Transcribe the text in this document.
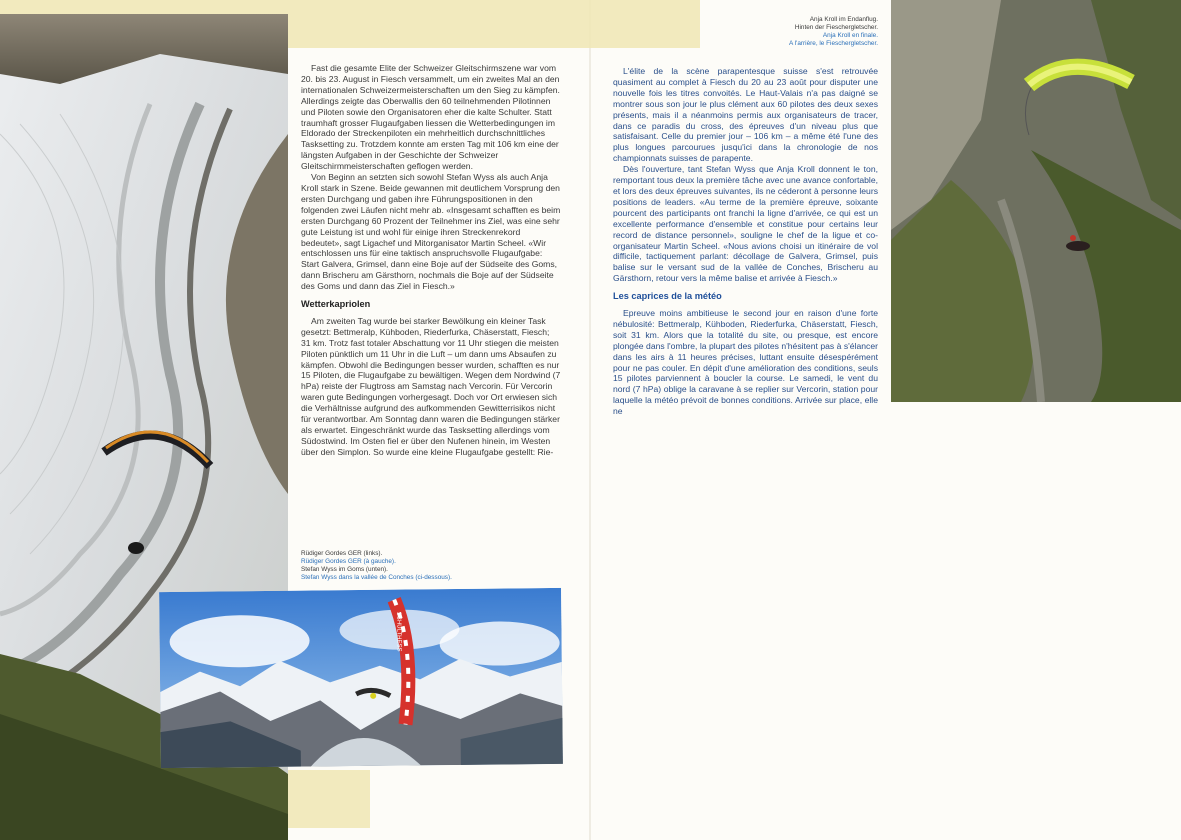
SCHULTHESS
Anja Kroll im Endanflug.
Hinten der Fieschergletscher.
Anja Kroll en finale.
A l'arrière, le Fieschergletscher.
Rüdiger Gordes GER (links).
Rüdiger Gordes GER (à gauche).
Stefan Wyss im Goms (unten).
Stefan Wyss dans la vallée de Conches (ci-dessous).

Fast die gesamte Elite der Schweizer Gleitschirmszene war vom 20. bis 23. August in Fiesch versammelt, um ein zweites Mal an den internationalen Schweizermeisterschaften um den Sieg zu kämpfen. Allerdings zeigte das Oberwallis den 60 teilnehmenden Pilotinnen und Piloten sowie den Organisatoren eher die kalte Schulter. Statt traumhaft grosser Flugaufgaben liessen die Wetterbedingungen im Eldorado der Streckenpiloten ein mehrheitlich durchschnittliches Tasksetting zu. Trotzdem konnte am ersten Tag mit 106 km eine der längsten Aufgaben in der Geschichte der Schweizer Gleitschirmmeisterschaften geflogen werden.

Von Beginn an setzten sich sowohl Stefan Wyss als auch Anja Kroll stark in Szene. Beide gewannen mit deutlichem Vorsprung den ersten Durchgang und gaben ihre Führungspositionen in den folgenden zwei Läufen nicht mehr ab. «Insgesamt schafften es beim ersten Durchgang 60 Prozent der Teilnehmer ins Ziel, was eine sehr gute Leistung ist und wohl für einige ihren Streckenrekord bedeutet», sagt Ligachef und Mitorganisator Martin Scheel. «Wir entschlossen uns für eine taktisch anspruchsvolle Flugaufgabe: Start Galvera, Grimsel, dann eine Boje auf der Südseite des Goms, dann Brischeru am Gärsthorn, nochmals die Boje auf der Südseite des Goms und dann das Ziel in Fiesch.»

Wetterkapriolen

Am zweiten Tag wurde bei starker Bewölkung ein kleiner Task gesetzt: Bettmeralp, Kühboden, Riederfurka, Chäserstatt, Fiesch; 31 km. Trotz fast totaler Abschattung vor 11 Uhr stiegen die meisten Piloten pünktlich um 11 Uhr in die Luft – um dann ums Absaufen zu kämpfen. Obwohl die Bedingungen besser wurden, schafften es nur 15 Piloten, die Flugaufgabe zu bewältigen. Wegen dem Nordwind (7 hPa) reiste der Flugtross am Samstag nach Vercorin. Für Vercorin waren gute Bedingungen vorhergesagt. Doch vor Ort erwiesen sich die Verhältnisse aufgrund des aufkommenden Gewitterrisikos nicht für verantwortbar. Am Sonntag dann waren die Bedingungen stärker als erwartet. Eingeschränkt wurde das Tasksetting allerdings vom Südostwind. Im Osten fiel er über den Nufenen hinein, im Westen über den Simplon. So wurde eine kleine Flugaufgabe gestellt: Rie-

L'élite de la scène parapentesque suisse s'est retrouvée quasiment au complet à Fiesch du 20 au 23 août pour disputer une nouvelle fois les titres convoités. Le Haut-Valais n'a pas daigné se montrer sous son jour le plus clément aux 60 pilotes des deux sexes présents, mais il a néanmoins permis aux organisateurs de tracer, dans ce paradis du cross, des épreuves d'un niveau plus que satisfaisant. Celle du premier jour – 106 km – a même été l'une des plus longues parcourues jusqu'ici dans la chronologie de nos championnats suisses de parapente.

Dès l'ouverture, tant Stefan Wyss que Anja Kroll donnent le ton, remportant tous deux la première tâche avec une avance confortable, et lors des deux épreuves suivantes, ils ne céderont à personne leurs positions de leaders. «Au terme de la première épreuve, soixante pourcent des participants ont franchi la ligne d'arrivée, ce qui est un excellente performance d'ensemble et constitue pour certains leur record de distance personnel», souligne le chef de la ligue et co-organisateur Martin Scheel. «Nous avions choisi un itinéraire de vol difficile, tactiquement parlant: décollage de Galvera, Grimsel, puis balise sur le versant sud de la vallée de Conches, Brischeru au Gärsthorn, retour vers la même balise et arrivée à Fiesch.»

Les caprices de la météo

Epreuve moins ambitieuse le second jour en raison d'une forte nébulosité: Bettmeralp, Kühboden, Riederfurka, Chäserstatt, Fiesch, soit 31 km. Alors que la totalité du site, ou presque, est encore plongée dans l'ombre, la plupart des pilotes n'hésitent pas à s'élancer dans les airs à 11 heures précises, luttant ensuite désespérément pour ne pas couler. En dépit d'une amélioration des conditions, seuls 15 pilotes parviennent à boucler la course. Le samedi, le vent du nord (7 hPa) oblige la caravane à se replier sur Vercorin, station pour laquelle la météo prévoit de bonnes conditions. Arrivée sur place, elle ne
